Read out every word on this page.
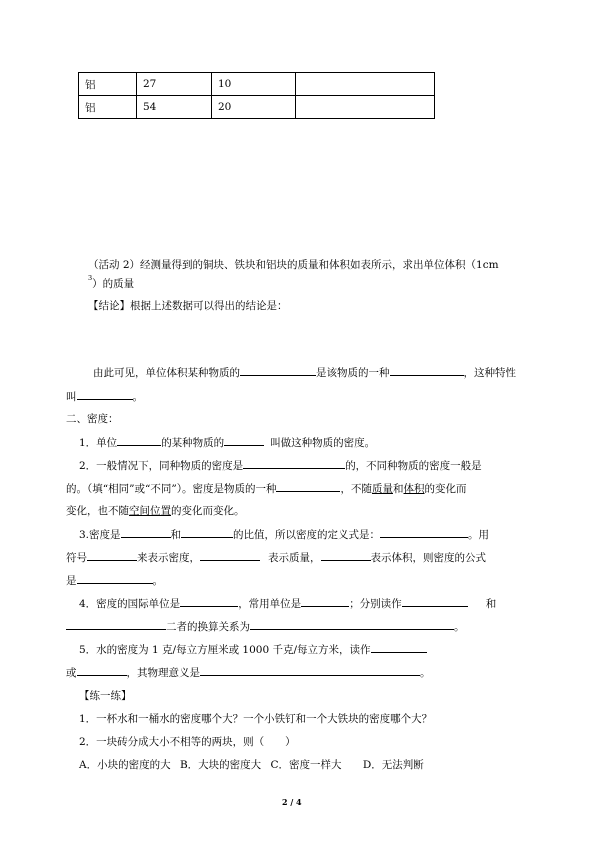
铝	27	10	
铝	54	20	
（活动 2）经测量得到的铜块、铁块和铝块的质量和体积如表所示，求出单位体积（1cm
$^3$）的质量
【结论】根据上述数据可以得出的结论是：
由此可见，单位体积某种物质的	是该物质的一种	，这种特性
叫	。
二、密度：
1．单位	的某种物质的	叫做这种物质的密度。
2．一般情况下，同种物质的密度是	的，不同种物质的密度一般是
的。（填“相同”或“不同”）。密度是物质的一种	，不随质量和体积的变化而
变化，也不随空间位置的变化而变化。
3.密度是	和	的比值，所以密度的定义式是：	。用
符号	来表示密度，	表示质量，	表示体积，则密度的公式
是	。
4．密度的国际单位是	，常用单位是	；分别读作	和
二者的换算关系为	。
5．水的密度为 1 克/每立方厘米或 1000 千克/每立方米，读作
或	，其物理意义是	。
【练一练】
1．一杯水和一桶水的密度哪个大？一个小铁钉和一个大铁块的密度哪个大？
2．一块砖分成大小不相等的两块，则（　　）
A．小块的密度的大 B．大块的密度大 C．密度一样大 D．无法判断
2 / 4
